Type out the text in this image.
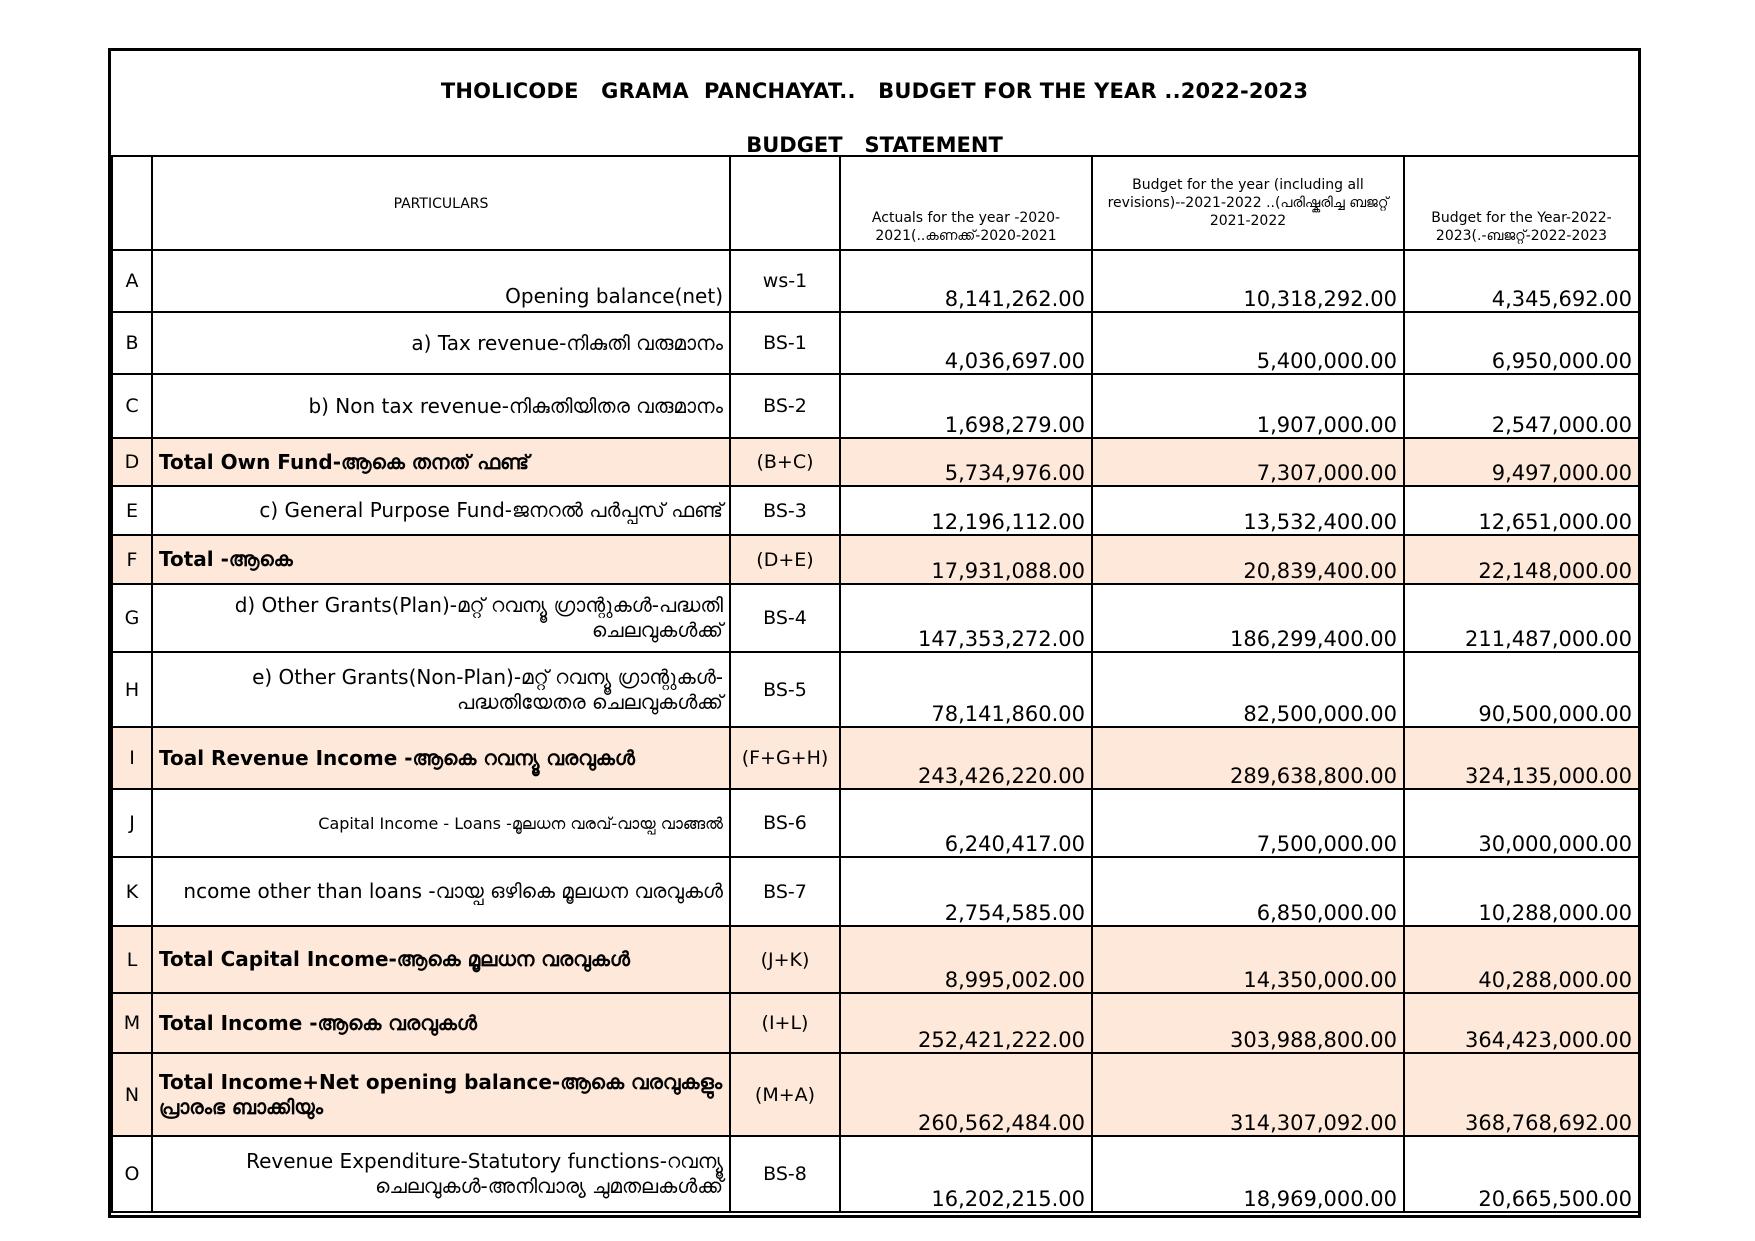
THOLICODE   GRAMA  PANCHAYAT..   BUDGET FOR THE YEAR ..2022-2023
BUDGET   STATEMENT
	PARTICULARS		Actuals for the year -2020-2021(..കണക്ക്-2020-2021	Budget for the year (including all revisions)--2021-2022 ..(പരിഷ്കരിച്ച ബജറ്റ് 2021-2022	Budget for the Year-2022-2023(.-ബജറ്റ്-2022-2023
A	Opening balance(net)	ws-1	8,141,262.00	10,318,292.00	4,345,692.00
B	a) Tax revenue-നികുതി വരുമാനം	BS-1	4,036,697.00	5,400,000.00	6,950,000.00
C	b) Non tax revenue-നികുതിയിതര വരുമാനം	BS-2	1,698,279.00	1,907,000.00	2,547,000.00
D	Total Own Fund-ആകെ തനത് ഫണ്ട്	(B+C)	5,734,976.00	7,307,000.00	9,497,000.00
E	c) General Purpose Fund-ജനറൽ പർപ്പസ് ഫണ്ട്	BS-3	12,196,112.00	13,532,400.00	12,651,000.00
F	Total -ആകെ	(D+E)	17,931,088.00	20,839,400.00	22,148,000.00
G	d) Other Grants(Plan)-മറ്റ് റവന്യൂ ഗ്രാന്റുകൾ-പദ്ധതി ചെലവുകൾക്ക്	BS-4	147,353,272.00	186,299,400.00	211,487,000.00
H	e) Other Grants(Non-Plan)-മറ്റ് റവന്യൂ ഗ്രാന്റുകൾ-പദ്ധതിയേതര ചെലവുകൾക്ക്	BS-5	78,141,860.00	82,500,000.00	90,500,000.00
I	Toal Revenue Income -ആകെ റവന്യൂ വരവുകൾ	(F+G+H)	243,426,220.00	289,638,800.00	324,135,000.00
J	Capital Income - Loans -മൂലധന വരവ്-വായ്പ വാങ്ങൽ	BS-6	6,240,417.00	7,500,000.00	30,000,000.00
K	ncome other than loans -വായ്പ ഒഴികെ മൂലധന വരവുകൾ	BS-7	2,754,585.00	6,850,000.00	10,288,000.00
L	Total Capital Income-ആകെ മൂലധന വരവുകൾ	(J+K)	8,995,002.00	14,350,000.00	40,288,000.00
M	Total Income -ആകെ വരവുകൾ	(I+L)	252,421,222.00	303,988,800.00	364,423,000.00
N	Total Income+Net opening balance-ആകെ വരവുകളും പ്രാരംഭ ബാക്കിയും	(M+A)	260,562,484.00	314,307,092.00	368,768,692.00
O	Revenue Expenditure-Statutory functions-റവന്യൂ ചെലവുകൾ-അനിവാര്യ ചുമതലകൾക്ക്	BS-8	16,202,215.00	18,969,000.00	20,665,500.00
